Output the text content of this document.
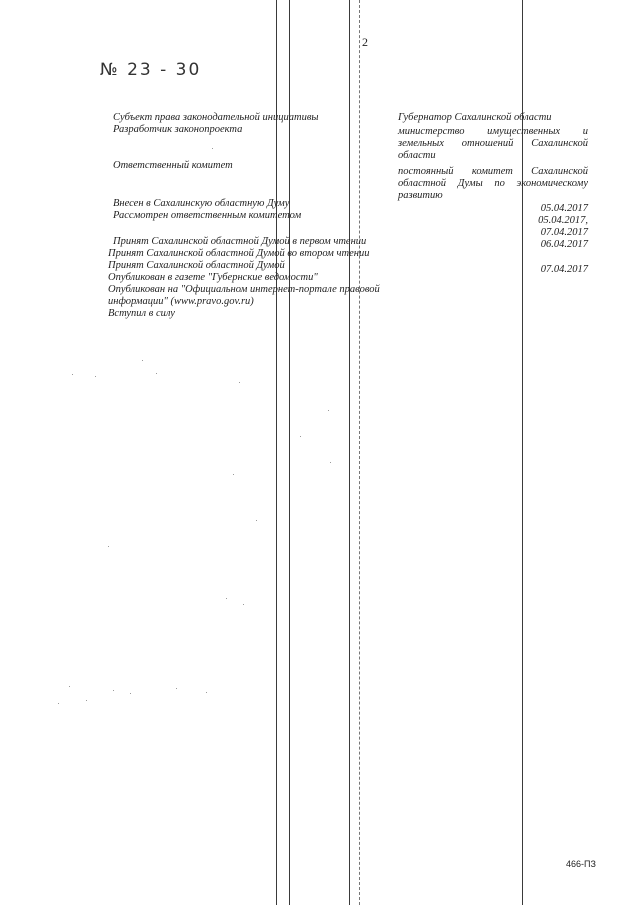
2
№ 23 - 30
Субъект права законодательной инициативы
Разработчик законопроекта
Ответственный комитет
Внесен в Сахалинскую областную Думу
Рассмотрен ответственным комитетом
Принят Сахалинской областной Думой в первом чтении
Принят Сахалинской областной Думой во втором чтении
Принят Сахалинской областной Думой
Опубликован в газете "Губернские ведомости"
Опубликован на "Официальном интернет-портале правовой
информации" (www.pravo.gov.ru)
Вступил в силу
Губернатор Сахалинской области
министерство имущественных и
земельных отношений Сахалинской
области
постоянный комитет Сахалинской
областной Думы по экономическому
развитию
05.04.2017
05.04.2017,
07.04.2017
06.04.2017
07.04.2017
466-ПЗ
